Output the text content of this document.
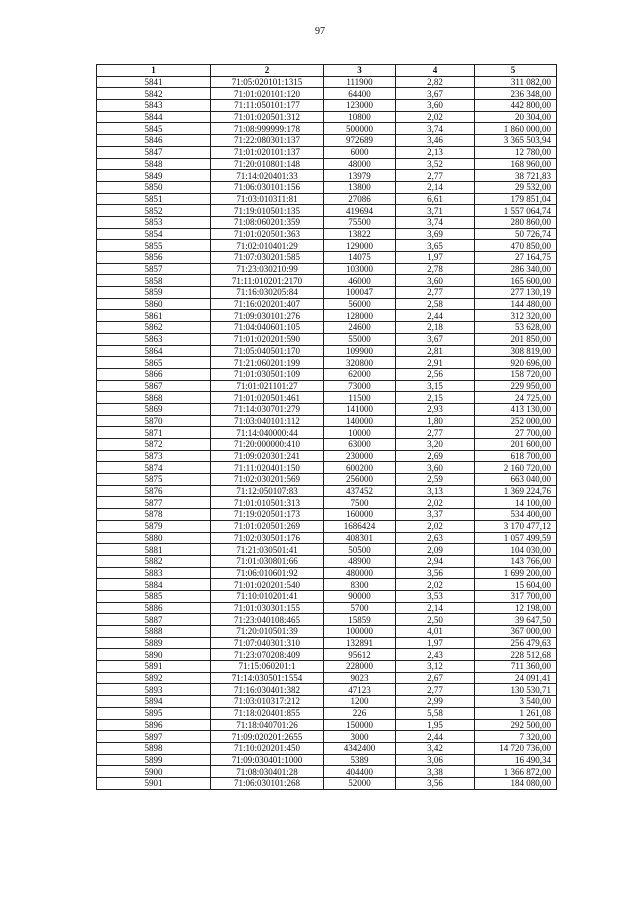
97
1	2	3	4	5
5841	71:05:020101:1315	111900	2,82	311 082,00
5842	71:01:020101:120	64400	3,67	236 348,00
5843	71:11:050101:177	123000	3,60	442 800,00
5844	71:01:020501:312	10800	2,02	20 304,00
5845	71:08:999999:178	500000	3,74	1 860 000,00
5846	71:22:080301:137	972689	3,46	3 365 503,94
5847	71:01:020101:137	6000	2,13	12 780,00
5848	71:20:010801:148	48000	3,52	168 960,00
5849	71:14:020401:33	13979	2,77	38 721,83
5850	71:06:030101:156	13800	2,14	29 532,00
5851	71:03:010311:81	27086	6,61	179 851,04
5852	71:19:010501:135	419694	3,71	1 557 064,74
5853	71:08:060201:359	75500	3,74	280 860,00
5854	71:01:020501:363	13822	3,69	50 726,74
5855	71:02:010401:29	129000	3,65	470 850,00
5856	71:07:030201:585	14075	1,97	27 164,75
5857	71:23:030210:99	103000	2,78	286 340,00
5858	71:11:010201:2170	46000	3,60	165 600,00
5859	71:16:030205:84	100047	2,77	277 130,19
5860	71:16:020201:407	56000	2,58	144 480,00
5861	71:09:030101:276	128000	2,44	312 320,00
5862	71:04:040601:105	24600	2,18	53 628,00
5863	71:01:020201:590	55000	3,67	201 850,00
5864	71:05:040501:170	109900	2,81	308 819,00
5865	71:21:060201:199	320800	2,91	920 696,00
5866	71:01:030501:109	62000	2,56	158 720,00
5867	71:01:021101:27	73000	3,15	229 950,00
5868	71:01:020501:461	11500	2,15	24 725,00
5869	71:14:030701:279	141000	2,93	413 130,00
5870	71:03:040101:112	140000	1,80	252 000,00
5871	71:14:040000:44	10000	2,77	27 700,00
5872	71:20:000000:410	63000	3,20	201 600,00
5873	71:09:020301:241	230000	2,69	618 700,00
5874	71:11:020401:150	600200	3,60	2 160 720,00
5875	71:02:030201:569	256000	2,59	663 040,00
5876	71:12:050107:83	437452	3,13	1 369 224,76
5877	71:01:010501:313	7500	2,02	14 100,00
5878	71:19:020501:173	160000	3,37	534 400,00
5879	71:01:020501:269	1686424	2,02	3 170 477,12
5880	71:02:030501:176	408301	2,63	1 057 499,59
5881	71:21:030501:41	50500	2,09	104 030,00
5882	71:01:030801:66	48900	2,94	143 766,00
5883	71:06:010601:92	480000	3,56	1 699 200,00
5884	71:01:020201:540	8300	2,02	15 604,00
5885	71:10:010201:41	90000	3,53	317 700,00
5886	71:01:030301:155	5700	2,14	12 198,00
5887	71:23:040108:465	15859	2,50	39 647,50
5888	71:20:010501:39	100000	4,01	367 000,00
5889	71:07:040301:310	132891	1,97	256 479,63
5890	71:23:070208:409	95612	2,43	228 512,68
5891	71:15:060201:1	228000	3,12	711 360,00
5892	71:14:030501:1554	9023	2,67	24 091,41
5893	71:16:030401:382	47123	2,77	130 530,71
5894	71:03:010317:212	1200	2,99	3 540,00
5895	71:18:020401:855	226	5,58	1 261,08
5896	71:18:040701:26	150000	1,95	292 500,00
5897	71:09:020201:2655	3000	2,44	7 320,00
5898	71:10:020201:450	4342400	3,42	14 720 736,00
5899	71:09:030401:1000	5389	3,06	16 490,34
5900	71:08:030401:28	404400	3,38	1 366 872,00
5901	71:06:030101:268	52000	3,56	184 080,00
